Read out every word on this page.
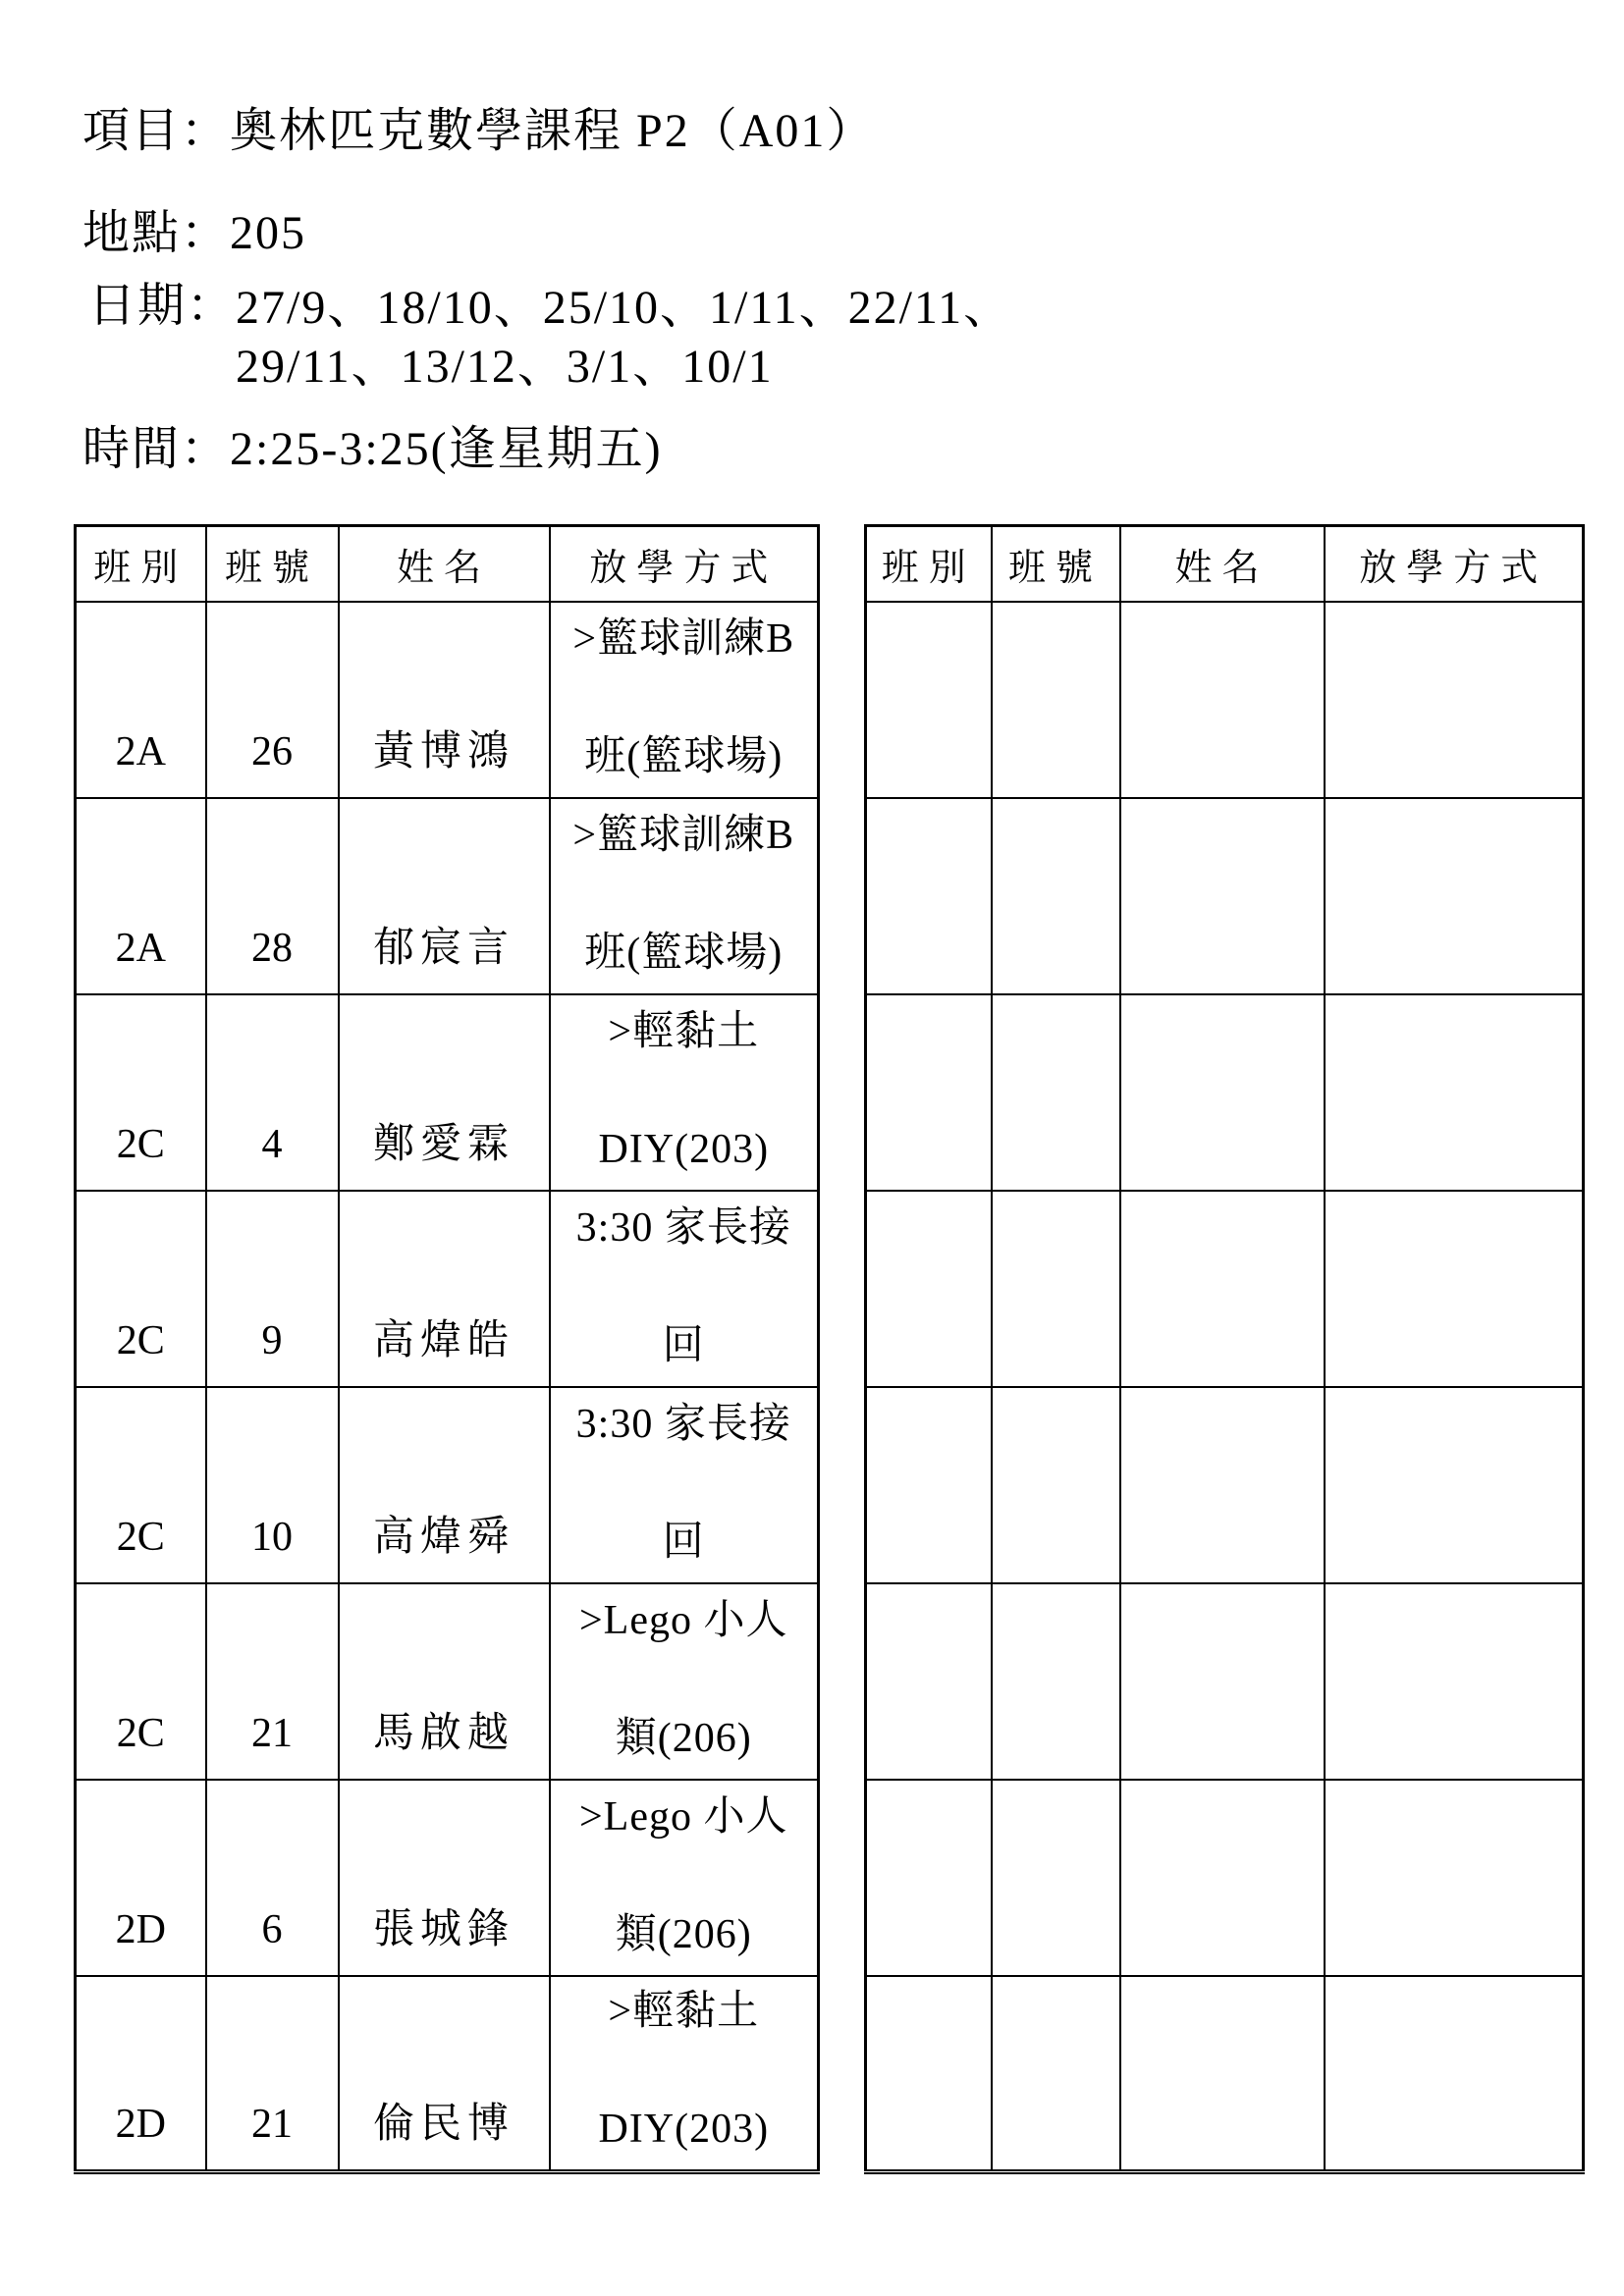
項目： 奧林匹克數學課程 P2（A01）
地點： 205
日期： 27/9、18/10、25/10、1/11、22/11、
29/11、13/12、3/1、10/1
時間： 2:25-3:25(逢星期五)
班別	班號	姓名	放學方式

2A	26	黃博鴻	>籃球訓練B
班(籃球場)

2A	28	郁宸言	>籃球訓練B
班(籃球場)

2C	4	鄭愛霖	>輕黏土
DIY(203)

2C	9	高煒皓	3:30 家長接
回

2C	10	高煒舜	3:30 家長接
回

2C	21	馬啟越	>Lego 小人
類(206)

2D	6	張城鋒	>Lego 小人
類(206)

2D	21	倫民博	>輕黏土
DIY(203)
班別	班號	姓名	放學方式
